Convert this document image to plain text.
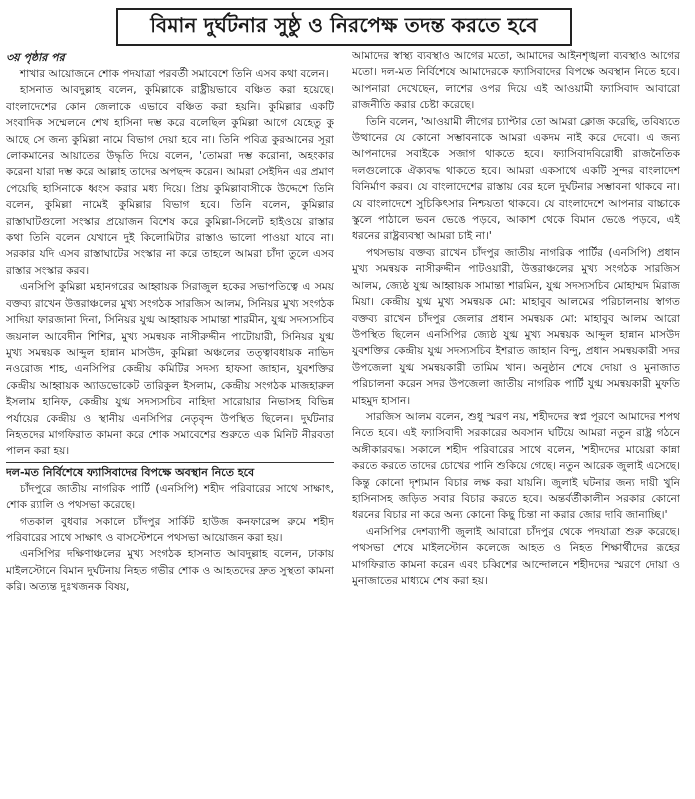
বিমান দুর্ঘটনার সুষ্ঠু ও নিরপেক্ষ তদন্ত করতে হবে

৩য় পৃষ্ঠার পর

শাখার আয়োজনে শোক পদযাত্রা পরবর্তী সমাবেশে তিনি এসব কথা বলেন।

হাসনাত আবদুল্লাহ বলেন, কুমিল্লাকে রাষ্ট্রীয়ভাবে বঞ্চিত করা হয়েছে। বাংলাদেশের কোন জেলাকে এভাবে বঞ্চিত করা হয়নি। কুমিল্লার একটি সংবাদিক সম্মেলনে শেখ হাসিনা দম্ভ করে বলেছিল কুমিল্লা আগে যেহেতু কু আছে সে জন্য কুমিল্লা নামে বিভাগ দেয়া হবে না। তিনি পবিত্র কুরআনের সূরা লোকমানের আয়াতের উদ্ধৃতি দিয়ে বলেন, 'তোমরা দম্ভ করোনা, অহংকার করেনা যারা দম্ভ করে আল্লাহ তাদের অপছন্দ করেন। আমরা সেইদিন এর প্রমাণ পেয়েছি হাসিনাকে ধ্বংস করার মধ্য দিয়ে। প্রিয় কুমিল্লাবাসীকে উদ্দেশে তিনি বলেন, কুমিল্লা নামেই কুমিল্লার বিভাগ হবে। তিনি বলেন, কুমিল্লার রাস্তাঘাটগুলো সংস্কার প্রয়োজন বিশেষ করে কুমিল্লা-সিলেট হাইওয়ে রাস্তার কথা তিনি বলেন যেখানে দুই কিলোমিটার রাস্তাও ভালো পাওয়া যাবে না। সরকার যদি এসব রাস্তাঘাটের সংস্কার না করে তাহলে আমরা চাঁদা তুলে এসব রাস্তার সংস্কার করব।

এনসিপি কুমিল্লা মহানগরের আহ্বায়ক সিরাজুল হকের সভাপতিত্বে এ সময় বক্তব্য রাখেন উত্তরাঞ্চলের মুখ্য সংগঠক সারজিস আলম, সিনিয়র মুখ্য সংগঠক সাদিয়া ফারজানা দিনা, সিনিয়র যুগ্ম আহ্বায়ক সামান্তা শারমীন, যুগ্ম সদস্যসচিব জয়নাল আবেদীন শিশির, মুখ্য সমন্বয়ক নাসীরুদ্দীন পাটোয়ারী, সিনিয়র যুগ্ম মুখ্য সমন্বয়ক আব্দুল হান্নান মাসউদ, কুমিল্লা অঞ্চলের তত্ত্বাবধায়ক নাভিদ নওরোজ শাহ, এনসিপির কেন্দ্রীয় কমিটির সদস্য হাফসা জাহান, যুবশক্তির কেন্দ্রীয় আহ্বায়ক অ্যাডভোকেট তারিকুল ইসলাম, কেন্দ্রীয় সংগঠক মাজহারুল ইসলাম হানিফ, কেন্দ্রীয় যুগ্ম সদস্যসচিব নাহিদা সারোয়ার নিভাসহ বিভিন্ন পর্যায়ের কেন্দ্রীয় ও স্থানীয় এনসিপির নেতৃবৃন্দ উপস্থিত ছিলেন। দুর্ঘটনার নিহতদের মাগফিরাত কামনা করে শোক সমাবেশের শুরুতে এক মিনিট নীরবতা পালন করা হয়।

দল-মত নির্বিশেষে ফ্যাসিবাদের বিপক্ষে অবস্থান নিতে হবে

চাঁদপুরে জাতীয় নাগরিক পার্টি (এনসিপি) শহীদ পরিবারের সাথে সাক্ষাৎ, শোক র‍্যালি ও পথসভা করেছে।

গতকাল বুধবার সকালে চাঁদপুর সার্কিট হাউজ কনফারেন্স রুমে শহীদ পরিবারের সাথে সাক্ষাৎ ও বাসস্টেশনে পথসভা আয়োজন করা হয়।

এনসিপির দক্ষিণাঞ্চলের মুখ্য সংগঠক হাসনাত আবদুল্লাহ বলেন, ঢাকায় মাইলস্টোনে বিমান দুর্ঘটনায় নিহত গভীর শোক ও আহতদের দ্রুত সুস্থতা কামনা করি। অত্যন্ত দুঃখজনক বিষয়,

আমাদের স্বাস্থ্য ব্যবস্থাও আগের মতো, আমাদের আইনশৃঙ্খলা ব্যবস্থাও আগের মতো। দল-মত নির্বিশেষে আমাদেরকে ফ্যাসিবাদের বিপক্ষে অবস্থান নিতে হবে। আপনারা দেখেছেন, লাশের ওপর দিয়ে এই আওয়ামী ফ্যাসিবাদ আবারো রাজনীতি করার চেষ্টা করেছে।

তিনি বলেন, 'আওয়ামী লীগের চ্যাপ্টার তো আমরা ক্লোজ করেছি, তবিষ্যতে উত্থানের যে কোনো সম্ভাবনাকে আমরা একদম নাই করে দেবো। এ জন্য আপনাদের সবাইকে সজাগ থাকতে হবে। ফ্যাসিবাদবিরোধী রাজনৈতিক দলগুলোকে ঐক্যবদ্ধ থাকতে হবে। আমরা একসাথে একটি সুন্দর বাংলাদেশ বিনির্মাণ করব। যে বাংলাদেশের রাস্তায় বের হলে দুর্ঘটনার সম্ভাবনা থাকবে না। যে বাংলাদেশে সুচিকিৎসার নিশ্চয়তা থাকবে। যে বাংলাদেশে আপনার বাচ্চাকে স্কুলে পাঠালে ভবন ভেঙে পড়বে, আকাশ থেকে বিমান ভেঙে পড়বে, এই ধরনের রাষ্ট্রব্যবস্থা আমরা চাই না।'

পথসভায় বক্তব্য রাখেন চাঁদপুর জাতীয় নাগরিক পার্টির (এনসিপি) প্রধান মুখ্য সমন্বয়ক নাসীরুদ্দীন পাটওয়ারী, উত্তরাঞ্চলের মুখ্য সংগঠক সারজিস আলম, জ্যেষ্ঠ যুগ্ম আহ্বায়ক সামান্তা শারমিন, যুগ্ম সদস্যসচিব মোহাম্মদ মিরাজ মিয়া। কেন্দ্রীয় যুগ্ম মুখ্য সমন্বয়ক মো: মাহাবুব আলমের পরিচালনায় স্বাগত বক্তব্য রাখেন চাঁদপুর জেলার প্রধান সমন্বয়ক মো: মাহাবুব আলম আরো উপস্থিত ছিলেন এনসিপির জ্যেষ্ঠ যুগ্ম মুখ্য সমন্বয়ক আব্দুল হান্নান মাসউদ যুবশক্তির কেন্দ্রীয় যুগ্ম সদস্যসচিব ইশরাত জাহান বিন্দু, প্রধান সমন্বয়কারী সদর উপজেলা যুগ্ম সমন্বয়কারী তামিম খান। অনুষ্ঠান শেষে দোয়া ও মুনাজাত পরিচালনা করেন সদর উপজেলা জাতীয় নাগরিক পার্টি যুগ্ম সমন্বয়কারী মুফতি মাহমুদ হাসান।

সারজিস আলম বলেন, শুধু স্মরণ নয়, শহীদদের স্বপ্ন পূরণে আমাদের শপথ নিতে হবে। এই ফ্যাসিবাদী সরকারের অবসান ঘটিয়ে আমরা নতুন রাষ্ট্র গঠনে অঙ্গীকারবদ্ধ। সকালে শহীদ পরিবারের সাথে বলেন, 'শহীদদের মায়েরা কান্না করতে করতে তাদের চোখের পানি শুকিয়ে গেছে। নতুন আরেক জুলাই এসেছে। কিন্তু কোনো দৃশ্যমান বিচার লক্ষ করা যায়নি। জুলাই ঘটনার জন্য দায়ী খুনি হাসিনাসহ জড়িত সবার বিচার করতে হবে। অন্তর্বর্তীকালীন সরকার কোনো ধরনের বিচার না করে অন্য কোনো কিছু চিন্তা না করার জোর দাবি জানাচ্ছি।'

এনসিপির দেশব্যাপী জুলাই আবারো চাঁদপুর থেকে পদযাত্রা শুরু করেছে। পথসভা শেষে মাইলস্টোন কলেজে আহত ও নিহত শিক্ষার্থীদের রূহের মাগফিরাত কামনা করেন এবং চব্বিশের আন্দোলনে শহীদদের স্মরণে দোয়া ও মুনাজাতের মাধ্যমে শেষ করা হয়।
